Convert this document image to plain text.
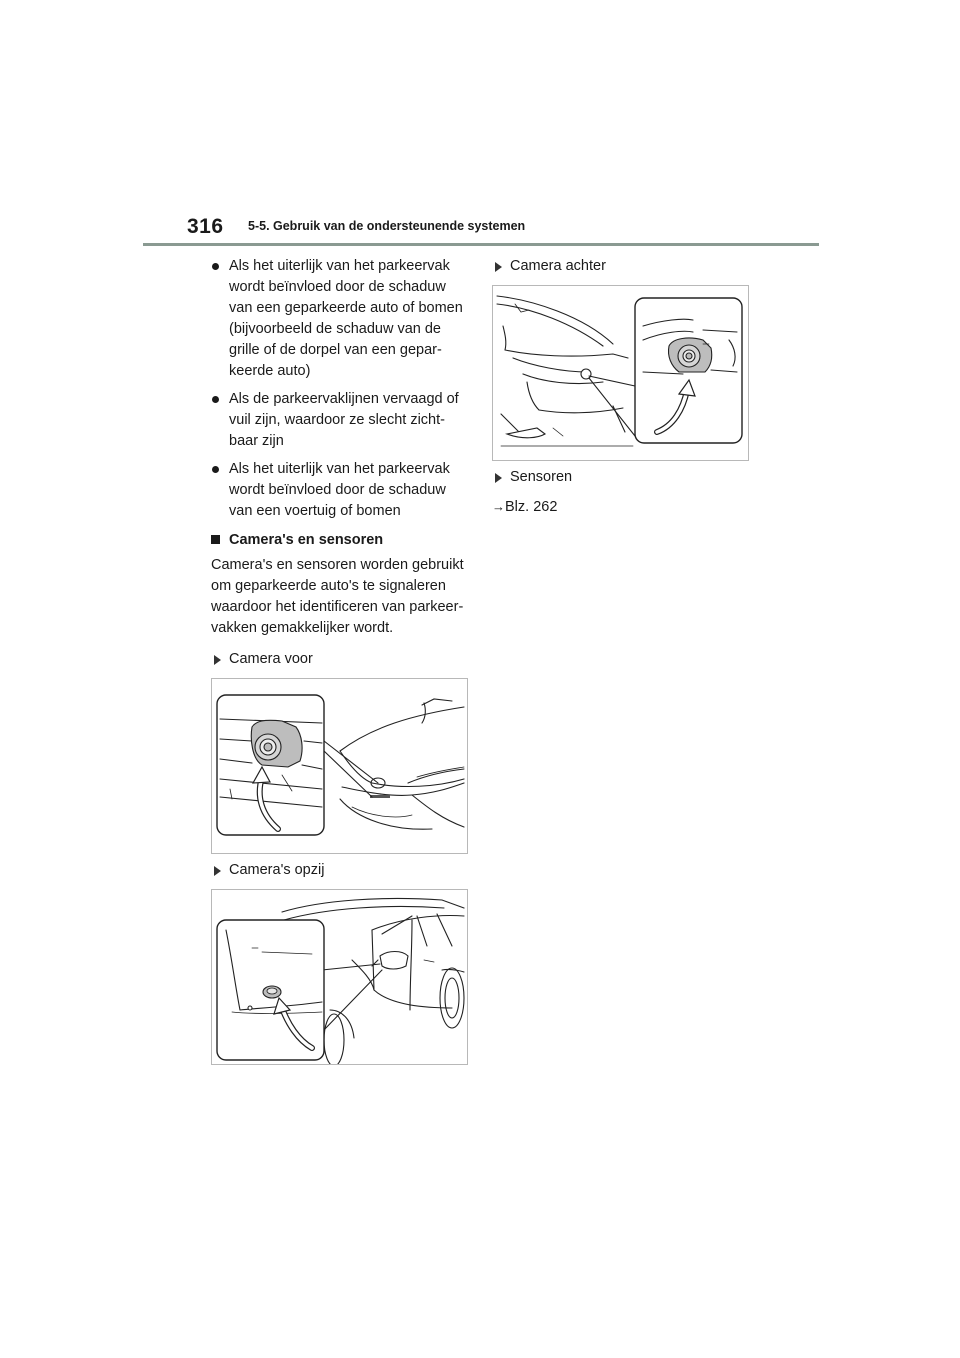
316 5-5. Gebruik van de ondersteunende systemen
Als het uiterlijk van het parkeervak wordt beïnvloed door de schaduw van een geparkeerde auto of bomen (bijvoorbeeld de schaduw van de grille of de dorpel van een gepar-keerde auto)
Als de parkeervaklijnen vervaagd of vuil zijn, waardoor ze slecht zicht-baar zijn
Als het uiterlijk van het parkeervak wordt beïnvloed door de schaduw van een voertuig of bomen
Camera's en sensoren

Camera's en sensoren worden gebruikt om geparkeerde auto's te signaleren waardoor het identificeren van parkeer-vakken gemakkelijker wordt.

Camera voor
Camera's opzij
Camera achter
Sensoren
→Blz. 262
